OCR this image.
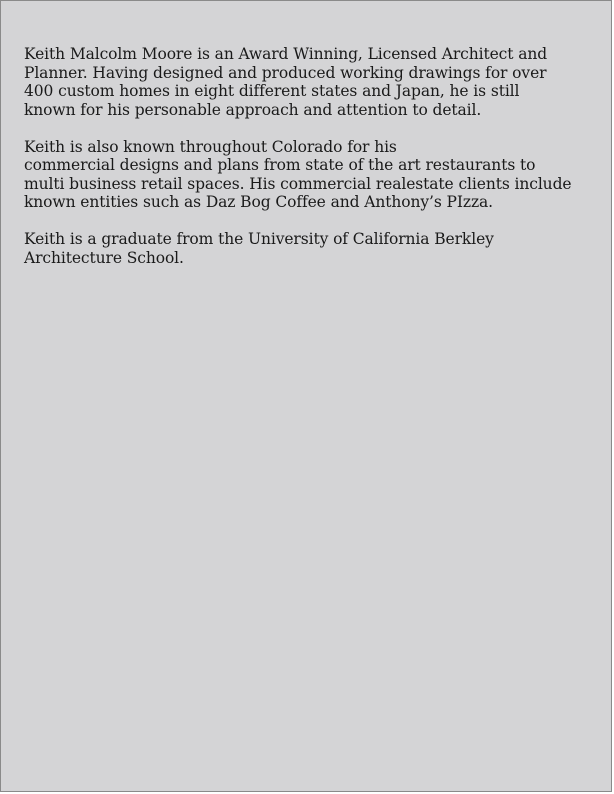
Keith Malcolm Moore is an Award Winning, Licensed Architect and
Planner. Having designed and produced working drawings for over
400 custom homes in eight different states and Japan, he is still
known for his personable approach and attention to detail.

Keith is also known throughout Colorado for his
commercial designs and plans from state of the art restaurants to
multi business retail spaces. His commercial realestate clients include
known entities such as Daz Bog Coffee and Anthony’s PIzza.

Keith is a graduate from the University of California Berkley
Architecture School.
